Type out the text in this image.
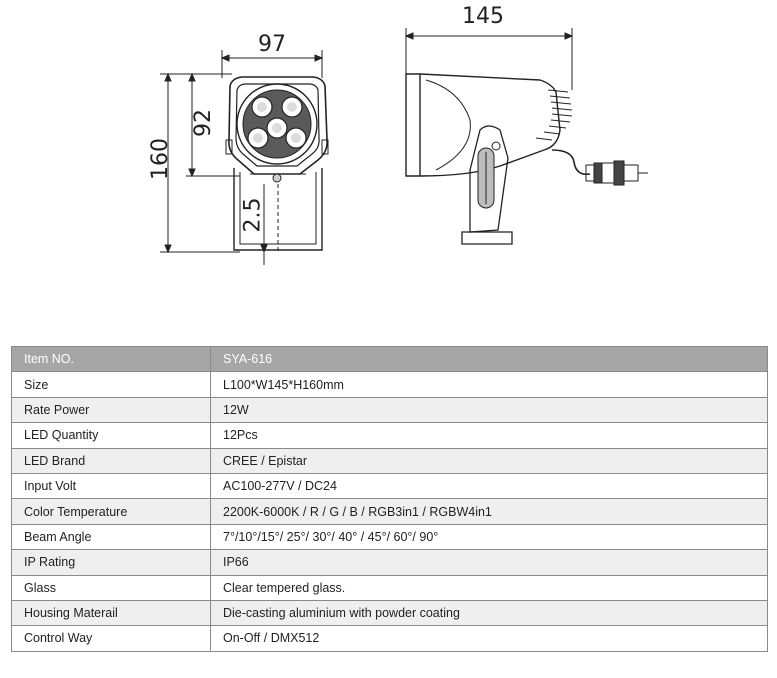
97
92
160
2.5
145
Item NO.	SYA-616
Size	L100*W145*H160mm
Rate Power	12W
LED Quantity	12Pcs
LED Brand	CREE / Epistar
Input Volt	AC100-277V / DC24
Color Temperature	2200K-6000K / R / G / B / RGB3in1 / RGBW4in1
Beam Angle	7°/10°/15°/ 25°/ 30°/ 40° / 45°/ 60°/ 90°
IP Rating	IP66
Glass	Clear tempered glass.
Housing Materail	Die-casting aluminium with powder coating
Control Way	On-Off / DMX512
